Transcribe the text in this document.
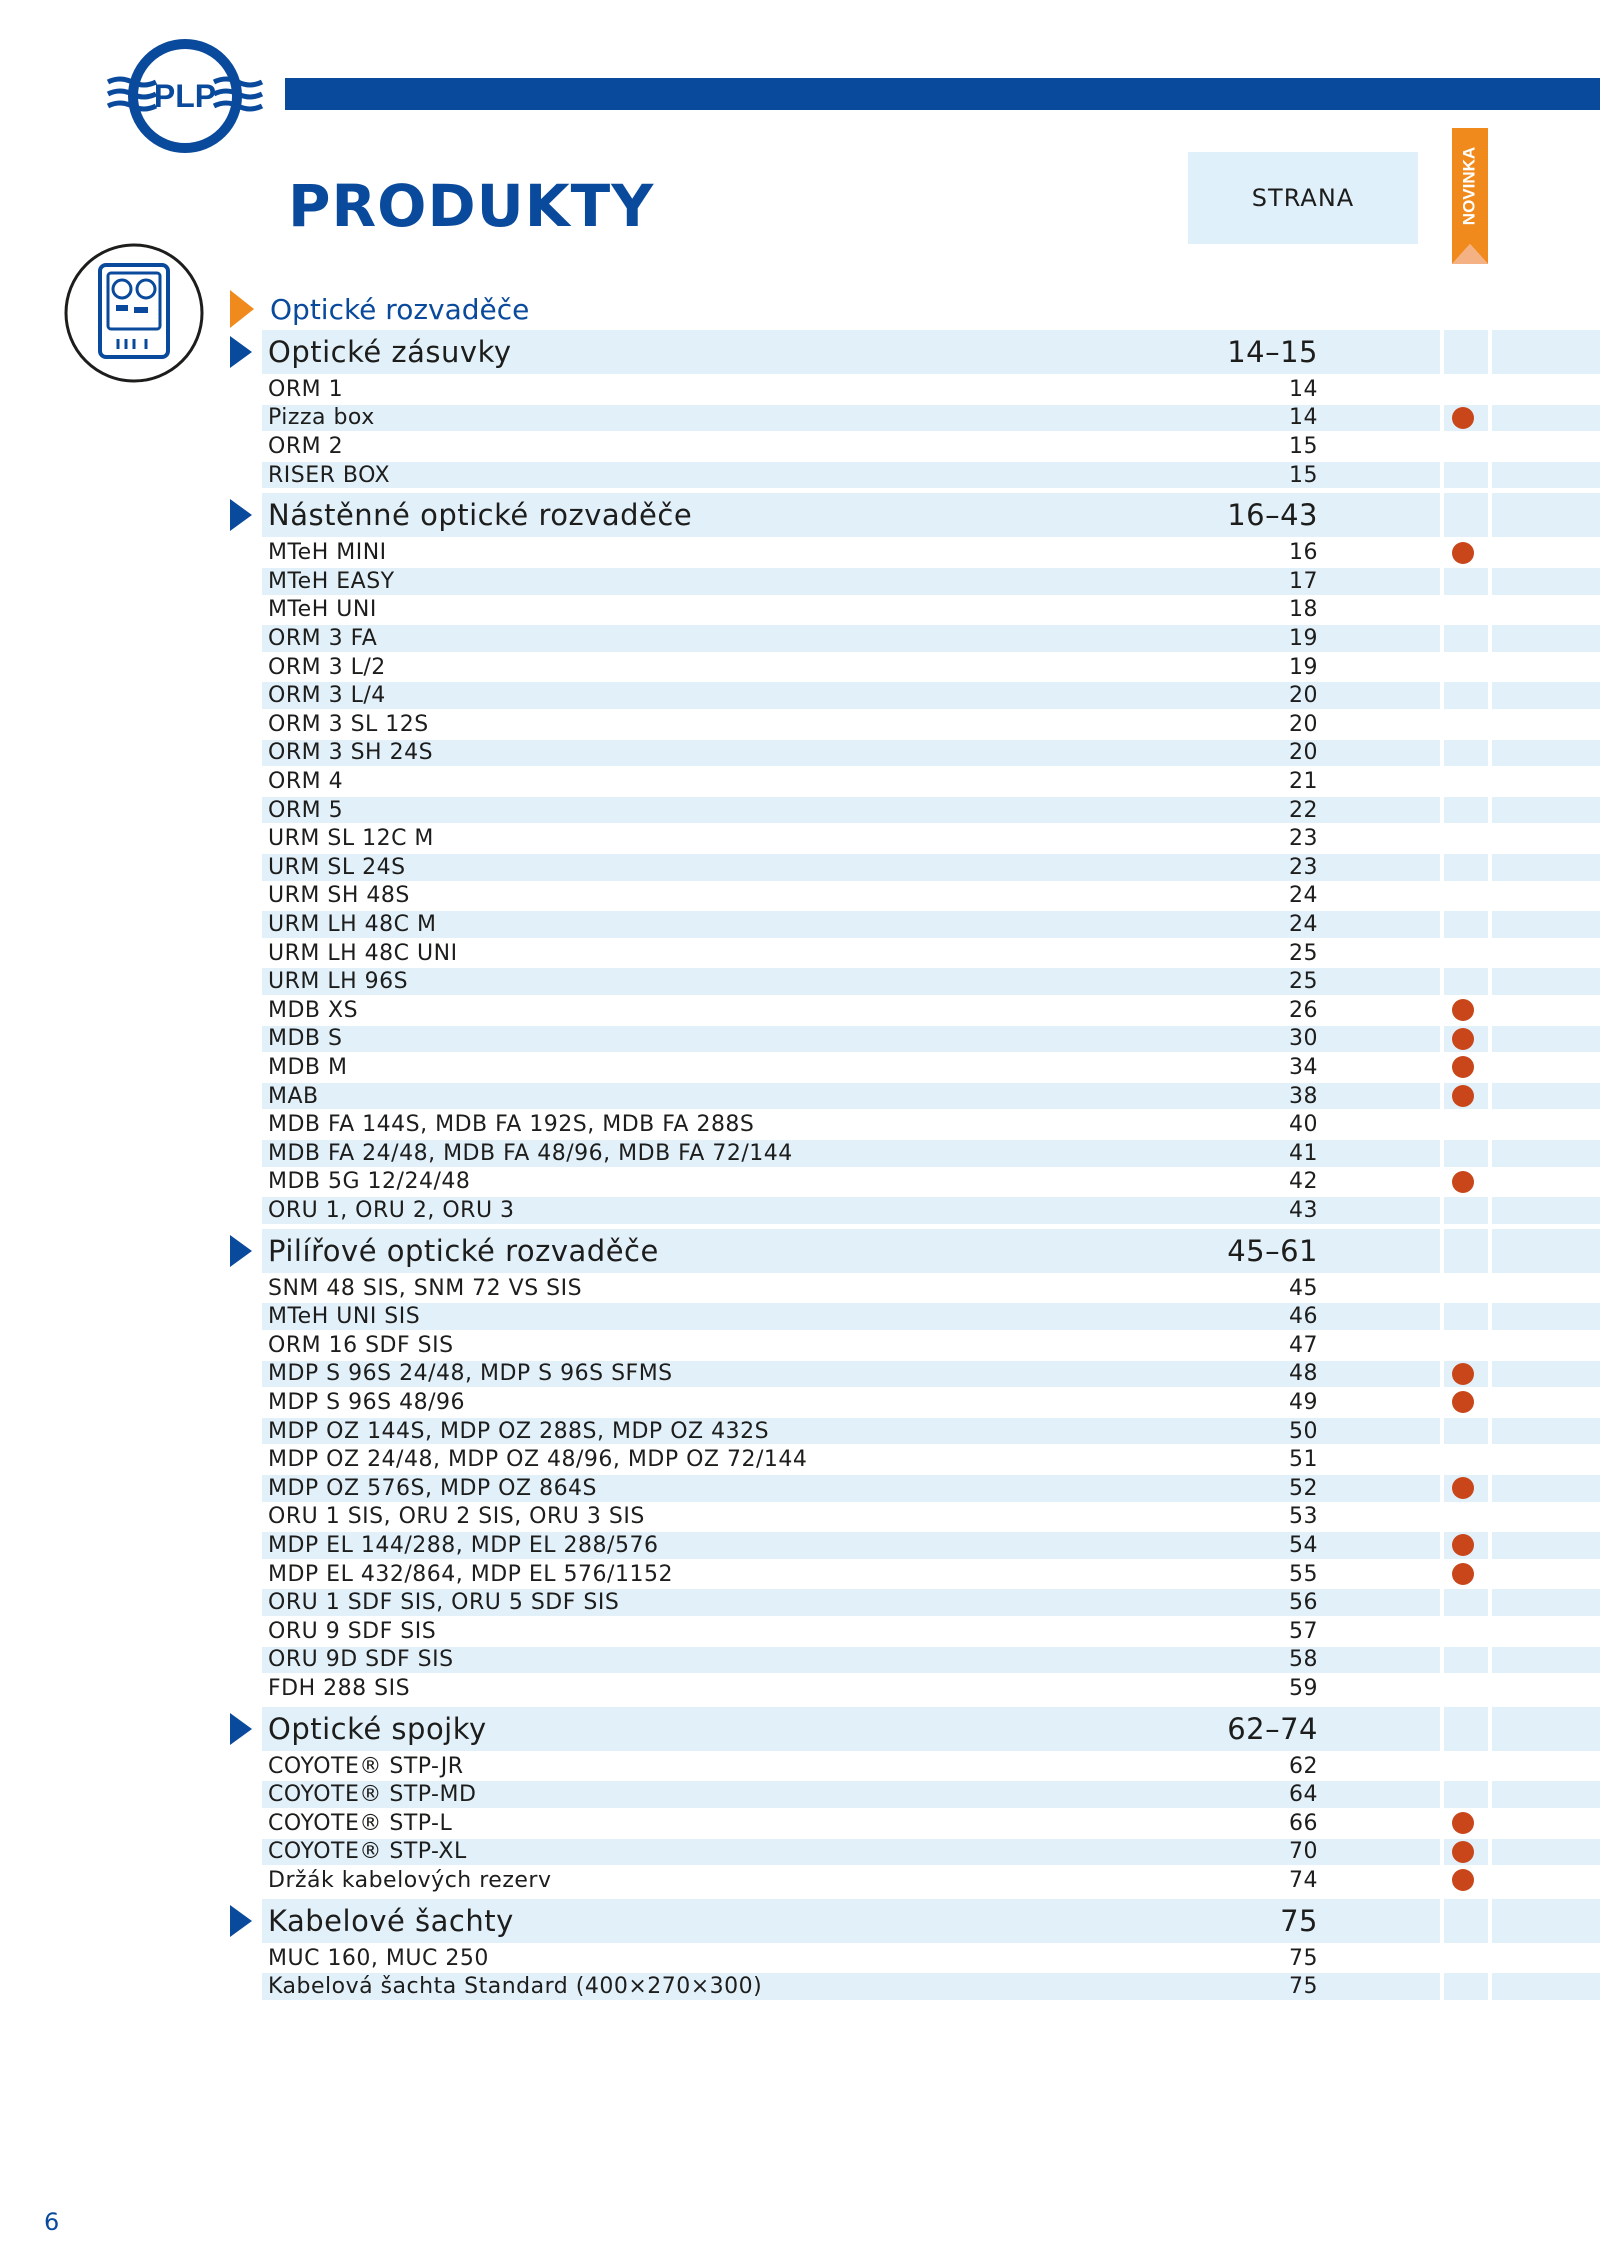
PLP
PRODUKTY	STRANA	NOVINKA
Optické rozvaděče
Optické zásuvky	14–15
ORM 1	14
Pizza box	14
ORM 2	15
RISER BOX	15
Nástěnné optické rozvaděče	16–43
MTeH MINI	16
MTeH EASY	17
MTeH UNI	18
ORM 3 FA	19
ORM 3 L/2	19
ORM 3 L/4	20
ORM 3 SL 12S	20
ORM 3 SH 24S	20
ORM 4	21
ORM 5	22
URM SL 12C M	23
URM SL 24S	23
URM SH 48S	24
URM LH 48C M	24
URM LH 48C UNI	25
URM LH 96S	25
MDB XS	26
MDB S	30
MDB M	34
MAB	38
MDB FA 144S, MDB FA 192S, MDB FA 288S	40
MDB FA 24/48, MDB FA 48/96, MDB FA 72/144	41
MDB 5G 12/24/48	42
ORU 1, ORU 2, ORU 3	43
Pilířové optické rozvaděče	45–61
SNM 48 SIS, SNM 72 VS SIS	45
MTeH UNI SIS	46
ORM 16 SDF SIS	47
MDP S 96S 24/48, MDP S 96S SFMS	48
MDP S 96S 48/96	49
MDP OZ 144S, MDP OZ 288S, MDP OZ 432S	50
MDP OZ 24/48, MDP OZ 48/96, MDP OZ 72/144	51
MDP OZ 576S, MDP OZ 864S	52
ORU 1 SIS, ORU 2 SIS, ORU 3 SIS	53
MDP EL 144/288, MDP EL 288/576	54
MDP EL 432/864, MDP EL 576/1152	55
ORU 1 SDF SIS, ORU 5 SDF SIS	56
ORU 9 SDF SIS	57
ORU 9D SDF SIS	58
FDH 288 SIS	59
Optické spojky	62–74
COYOTE® STP-JR	62
COYOTE® STP-MD	64
COYOTE® STP-L	66
COYOTE® STP-XL	70
Držák kabelových rezerv	74
Kabelové šachty	75
MUC 160, MUC 250	75
Kabelová šachta Standard (400×270×300)	75
6
